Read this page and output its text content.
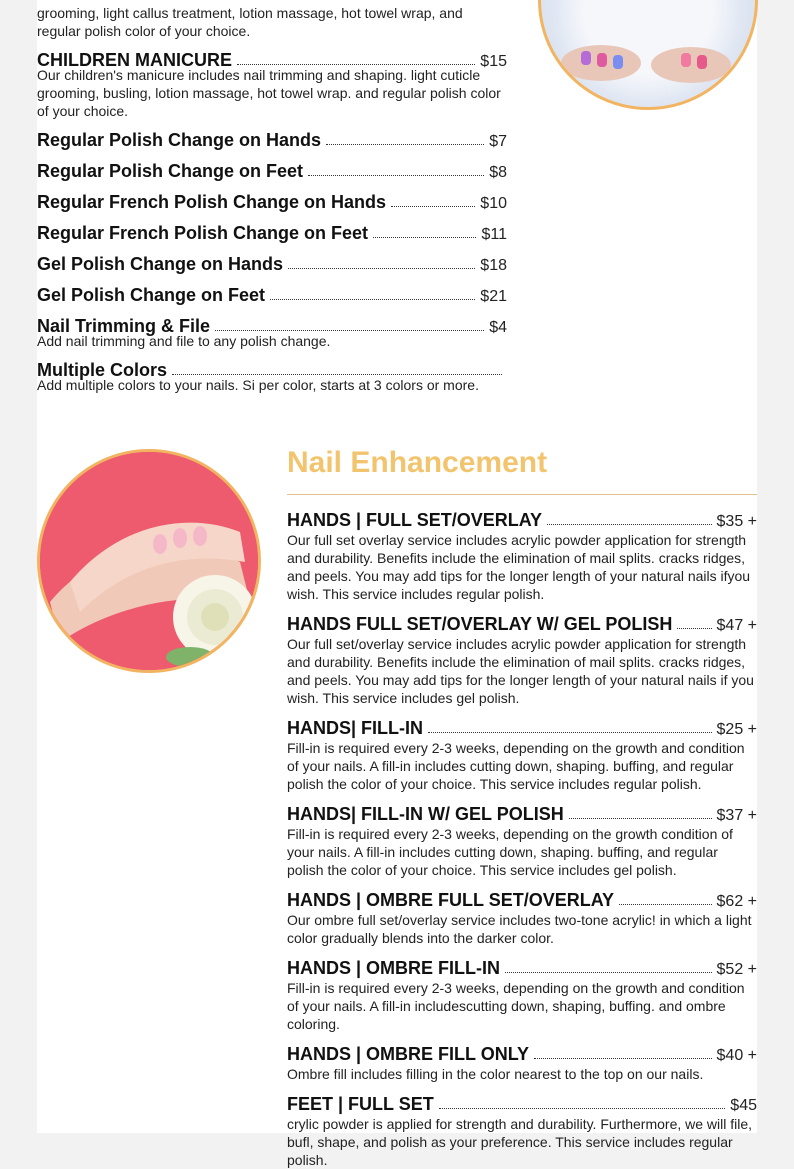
grooming, light callus treatment, lotion massage, hot towel wrap, and regular polish color of your choice.

CHILDREN MANICURE	$15

Our children's manicure includes nail trimming and shaping. light cuticle grooming, busling, lotion massage, hot towel wrap. and regular polish color of your choice.

Regular Polish Change on Hands	$7
Regular Polish Change on Feet	$8
Regular French Polish Change on Hands	$10
Regular French Polish Change on Feet	$11
Gel Polish Change on Hands	$18
Gel Polish Change on Feet	$21
Nail Trimming & File	$4

Add nail trimming and file to any polish change.

Multiple Colors

Add multiple colors to your nails. Si per color, starts at 3 colors or more.

Nail Enhancement
HANDS | FULL SET/OVERLAY	$35 +

Our full set overlay service includes acrylic powder application for strength and durability. Benefits include the elimination of mail splits. cracks ridges, and peels. You may add tips for the longer length of your natural nails ifyou wish. This service includes regular polish.

HANDS FULL SET/OVERLAY W/ GEL POLISH	$47 +

Our full set/overlay service includes acrylic powder application for strength and durability. Benefits include the elimination of mail splits. cracks ridges, and peels. You may add tips for the longer length of your natural nails if you wish. This service includes gel polish.

HANDS| FILL-IN	$25 +

Fill-in is required every 2-3 weeks, depending on the growth and condition of your nails. A fill-in includes cutting down, shaping. buffing, and regular polish the color of your choice. This service includes regular polish.

HANDS| FILL-IN W/ GEL POLISH	$37 +

Fill-in is required every 2-3 weeks, depending on the growth condition of your nails. A fill-in includes cutting down, shaping. buffing, and regular polish the color of your choice. This service includes gel polish.

HANDS | OMBRE FULL SET/OVERLAY	$62 +

Our ombre full set/overlay service includes two-tone acrylic! in which a light color gradually blends into the darker color.

HANDS | OMBRE FILL-IN	$52 +

Fill-in is required every 2-3 weeks, depending on the growth and condition of your nails. A fill-in includescutting down, shaping, buffing. and ombre coloring.

HANDS | OMBRE FILL ONLY	$40 +

Ombre fill includes filling in the color nearest to the top on our nails.

FEET | FULL SET	$45

crylic powder is applied for strength and durability. Furthermore, we will file, bufl, shape, and polish as your preference. This service includes regular polish.
